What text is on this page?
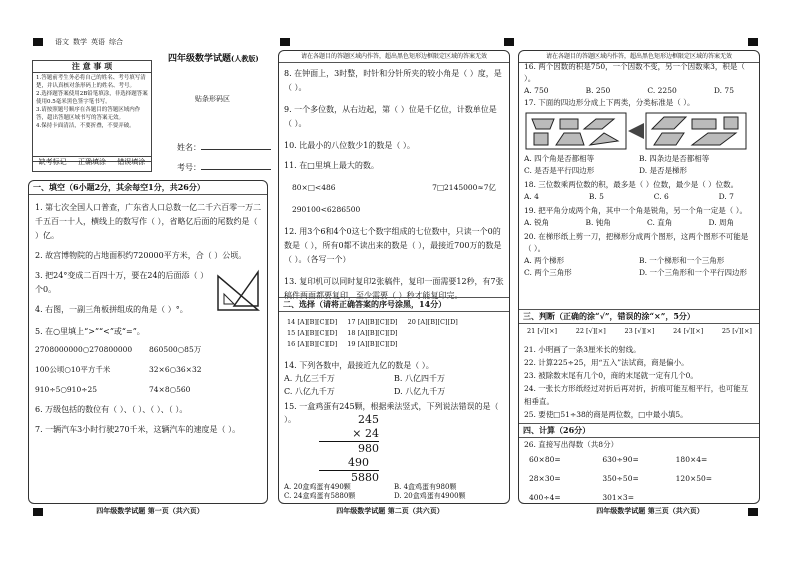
语文 数学 英语 综合
四年级数学试题(人教版)
注 意 事 项
1.答题前考生务必将自己的姓名、考号填写清楚，并认真核对条形码上的姓名、考号。
2.选择题答案使用2B铅笔填涂，非选择题答案使用0.5毫米黑色签字笔书写。
3.请按照题号顺序在各题目的答题区域内作答，超出答题区域书写的答案无效。
4.保持卡面清洁，不要折叠，不要弄破。
缺考标记	正确填涂	错误填涂
贴条形码区
姓名：
考号：
一、填空（6小题2分，其余每空1分，共26分）
1. 第七次全国人口普查，广东省人口总数一亿二千六百零一万二千五百一十人，横线上的数写作（ ），省略亿后面的尾数约是（ ）亿。
2. 故宫博物院的占地面积约720000平方米，合（ ）公顷。
3. 把24°变成二百四十万，要在24的后面添（ ）个0。
4. 右图，一副三角板拼组成的角是（ ）°。
5. 在○里填上“>”“<”或“=”。
2708000000○270800000	860500○85万
100公顷○10平方千米	32×6○36×32
910÷5○910÷25	74×8○560
6. 万级包括的数位有（ ）、（ ）、（ ）、（ ）。
7. 一辆汽车3小时行驶270千米，这辆汽车的速度是（ ）。
四年级数学试题 第一页（共六页）
请在各题目的答题区域内作答，超出黑色矩形边框限定区域的答案无效
8. 在钟面上，3时整，时针和分针所夹的较小角是（ ）度，是（ ）。
9. 一个多位数，从右边起，第（ ）位是千亿位，计数单位是（ ）。
10. 比最小的八位数少1的数是（ ）。
11. 在□里填上最大的数。
80×□<486	7□2145000≈7亿
290100<6286500
12. 用3个6和4个0这七个数字组成的七位数中，只读一个0的数是（ ），所有0都不读出来的数是（ ），最接近700万的数是（ ）。（各写一个）
13. 复印机可以同时复印2张稿件，复印一面需要12秒，有7张稿件两面都要复印，至少需要（ ）秒才能复印完。
二、选择（请将正确答案的序号涂黑，14分）
14 [A][B][C][D] 17 [A][B][C][D] 20 [A][B][C][D]
15 [A][B][C][D] 18 [A][B][C][D]
16 [A][B][C][D] 19 [A][B][C][D]
14. 下列各数中，最接近九亿的数是（ ）。
A. 九亿三千万	B. 八亿四千万
C. 八亿九千万	D. 八亿九千万
15. 一盒鸡蛋有245颗，根据乘法竖式，下列说法错误的是（ ）。	245
× 24
980
490
5880
A. 20盒鸡蛋有490颗	B. 4盒鸡蛋有980颗
C. 24盒鸡蛋有5880颗	D. 20盒鸡蛋有4900颗
四年级数学试题 第二页（共六页）
请在各题目的答题区域内作答，超出黑色矩形边框限定区域的答案无效
16. 两个因数的积是750，一个因数不变，另一个因数乘3，积是（ ）。
A. 750	B. 250	C. 2250	D. 75
17. 下面的四边形分成上下两类，分类标准是（ ）。
A. 四个角是否都相等	B. 四条边是否都相等
C. 是否是平行四边形	D. 是否是梯形
18. 三位数乘两位数的积，最多是（ ）位数，最少是（ ）位数。
A. 4	B. 5	C. 6	D. 7
19. 把平角分成两个角，其中一个角是锐角，另一个角一定是（ ）。
A. 锐角	B. 钝角	C. 直角	D. 周角
20. 在梯形纸上剪一刀，把梯形分成两个图形，这两个图形不可能是（ ）。
A. 两个梯形	B. 一个梯形和一个三角形
C. 两个三角形	D. 一个三角形和一个平行四边形
三、判断（正确的涂“√”，错误的涂“×”，5分）
21 [√][×]	22 [√][×]	23 [√][×]	24 [√][×]	25 [√][×]
21. 小明画了一条3厘米长的射线。
22. 计算225÷25，用“五入”法试商，商是偏小。
23. 被除数末尾有几个0，商的末尾就一定有几个0。
24. 一张长方形纸经过对折后再对折，折痕可能互相平行，也可能互相垂直。
25. 要使□51÷38的商是两位数，□中最小填5。
四、计算（26分）
26. 直接写出得数（共8分）
60×80=	630÷90=	180×4=
28×30=	350÷50=	120×50=
400÷4=	301×3=
四年级数学试题 第三页（共六页）
